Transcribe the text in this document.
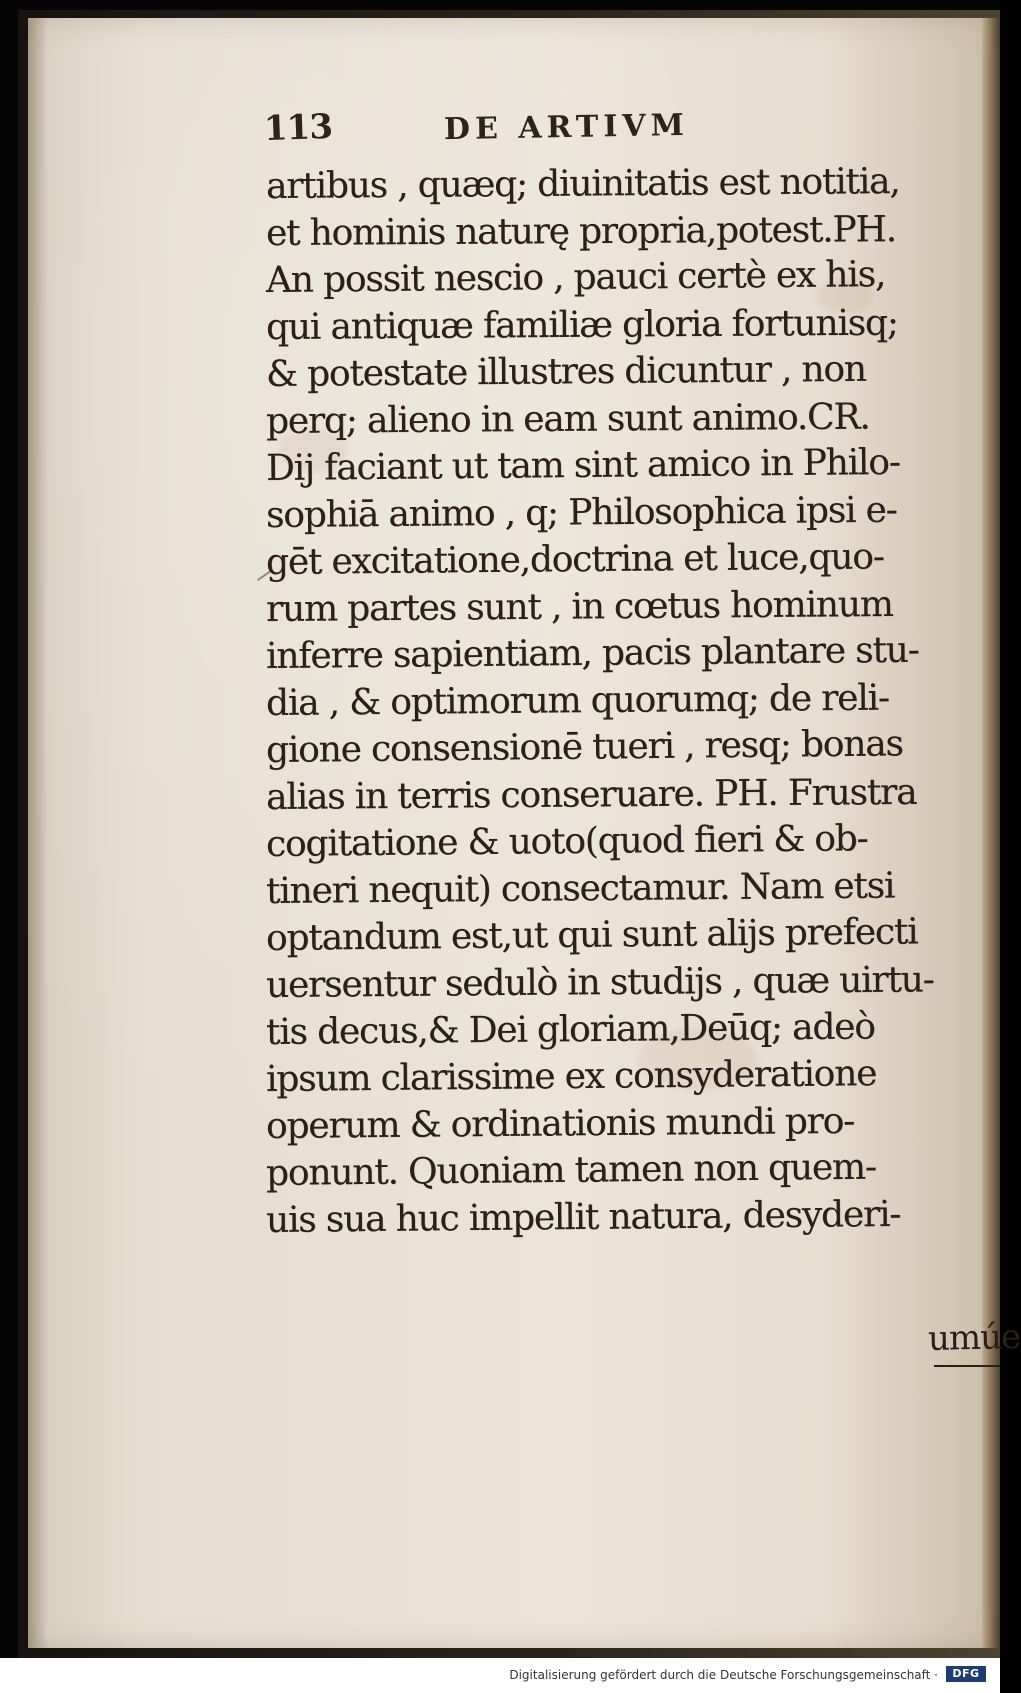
113	DE ARTIVM
artibus , quæq; diuinitatis est notitia,
et hominis naturę propria,potest.PH.
An possit nescio , pauci certè ex his,
qui antiquæ familiæ gloria fortunisq;
& potestate illustres dicuntur , non
perq; alieno in eam sunt animo.CR.
Dij faciant ut tam sint amico in Philo-
sophiā animo , q; Philosophica ipsi e-
gēt excitatione,doctrina et luce,quo-
rum partes sunt , in cœtus hominum
inferre sapientiam, pacis plantare stu-
dia , & optimorum quorumq; de reli-
gione consensionē tueri , resq; bonas
alias in terris conseruare. PH. Frustra
cogitatione & uoto(quod fieri & ob-
tineri nequit) consectamur. Nam etsi
optandum est,ut qui sunt alijs prefecti
uersentur sedulò in studijs , quæ uirtu-
tis decus,& Dei gloriam,Deūq; adeò
ipsum clarissime ex consyderatione
operum & ordinationis mundi pro-
ponunt. Quoniam tamen non quem-
uis sua huc impellit natura, desyderi-
umúe
Digitalisierung gefördert durch die Deutsche Forschungsgemeinschaft ·	DFG
